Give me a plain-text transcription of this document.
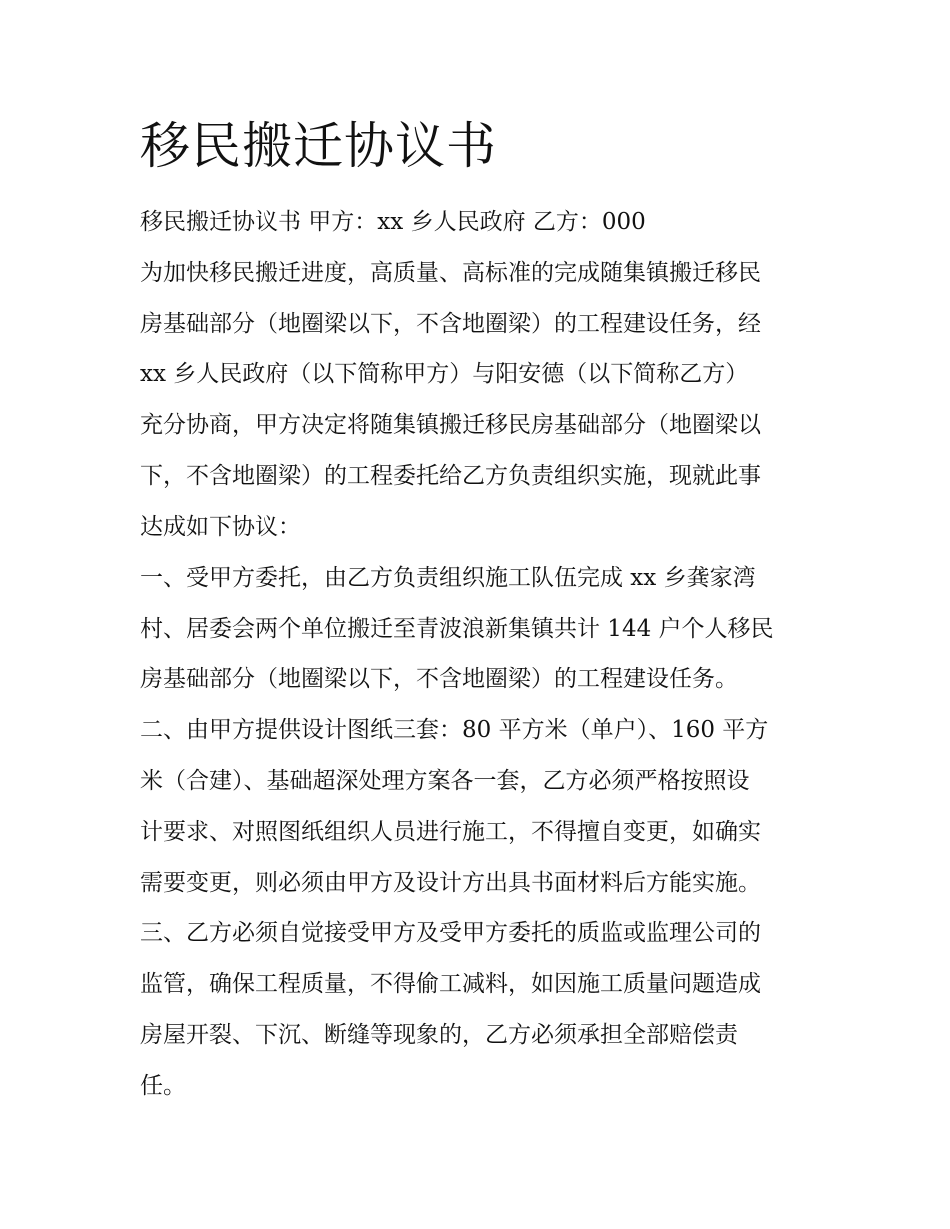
移民搬迁协议书

移民搬迁协议书 甲方：xx 乡人民政府 乙方：000

为加快移民搬迁进度，高质量、高标准的完成随集镇搬迁移民

房基础部分（地圈梁以下，不含地圈梁）的工程建设任务，经

xx 乡人民政府（以下简称甲方）与阳安德（以下简称乙方）

充分协商，甲方决定将随集镇搬迁移民房基础部分（地圈梁以

下，不含地圈梁）的工程委托给乙方负责组织实施，现就此事

达成如下协议：

一、受甲方委托，由乙方负责组织施工队伍完成 xx 乡龚家湾

村、居委会两个单位搬迁至青波浪新集镇共计 144 户个人移民

房基础部分（地圈梁以下，不含地圈梁）的工程建设任务。

二、由甲方提供设计图纸三套：80 平方米（单户）、160 平方

米（合建）、基础超深处理方案各一套，乙方必须严格按照设

计要求、对照图纸组织人员进行施工，不得擅自变更，如确实

需要变更，则必须由甲方及设计方出具书面材料后方能实施。

三、乙方必须自觉接受甲方及受甲方委托的质监或监理公司的

监管，确保工程质量，不得偷工减料，如因施工质量问题造成

房屋开裂、下沉、断缝等现象的，乙方必须承担全部赔偿责

任。
